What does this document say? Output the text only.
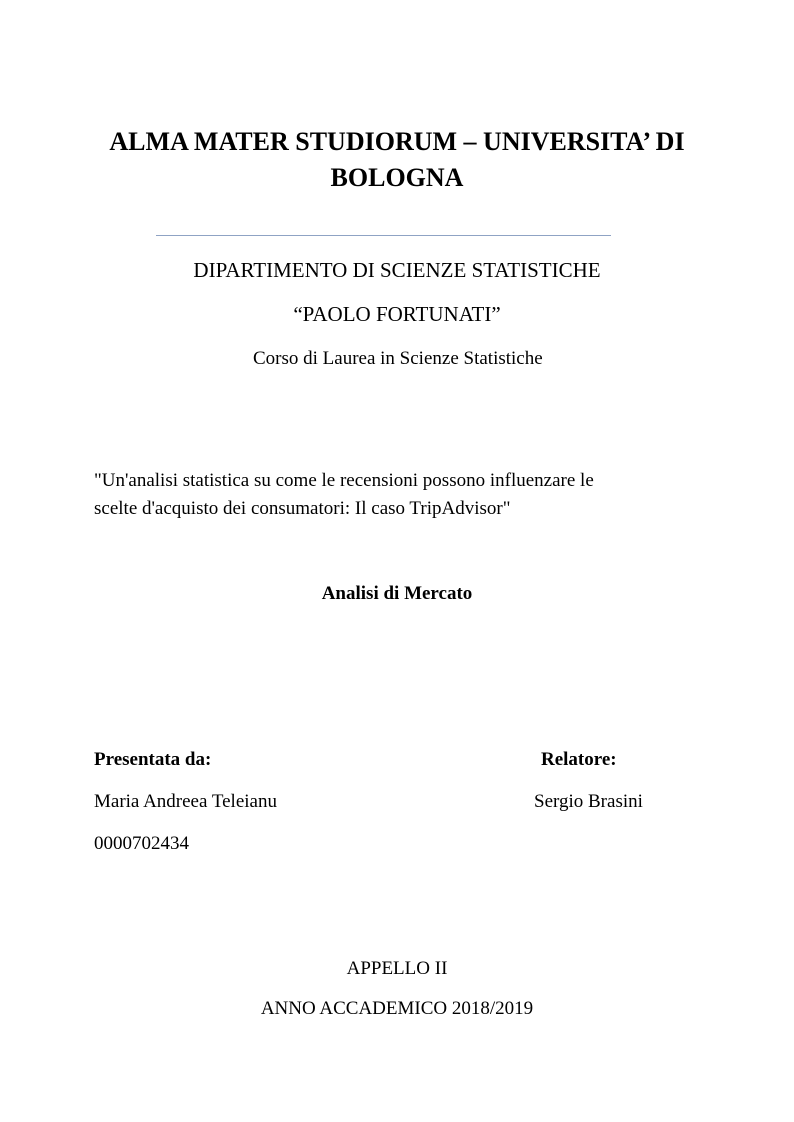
ALMA MATER STUDIORUM – UNIVERSITA’ DI
BOLOGNA
DIPARTIMENTO DI SCIENZE STATISTICHE
“PAOLO FORTUNATI”
Corso di Laurea in Scienze Statistiche
"Un'analisi statistica su come le recensioni possono influenzare le
scelte d'acquisto dei consumatori: Il caso TripAdvisor"
Analisi di Mercato
Presentata da:	Relatore:
Maria Andreea Teleianu	Sergio Brasini
0000702434
APPELLO II
ANNO ACCADEMICO 2018/2019
